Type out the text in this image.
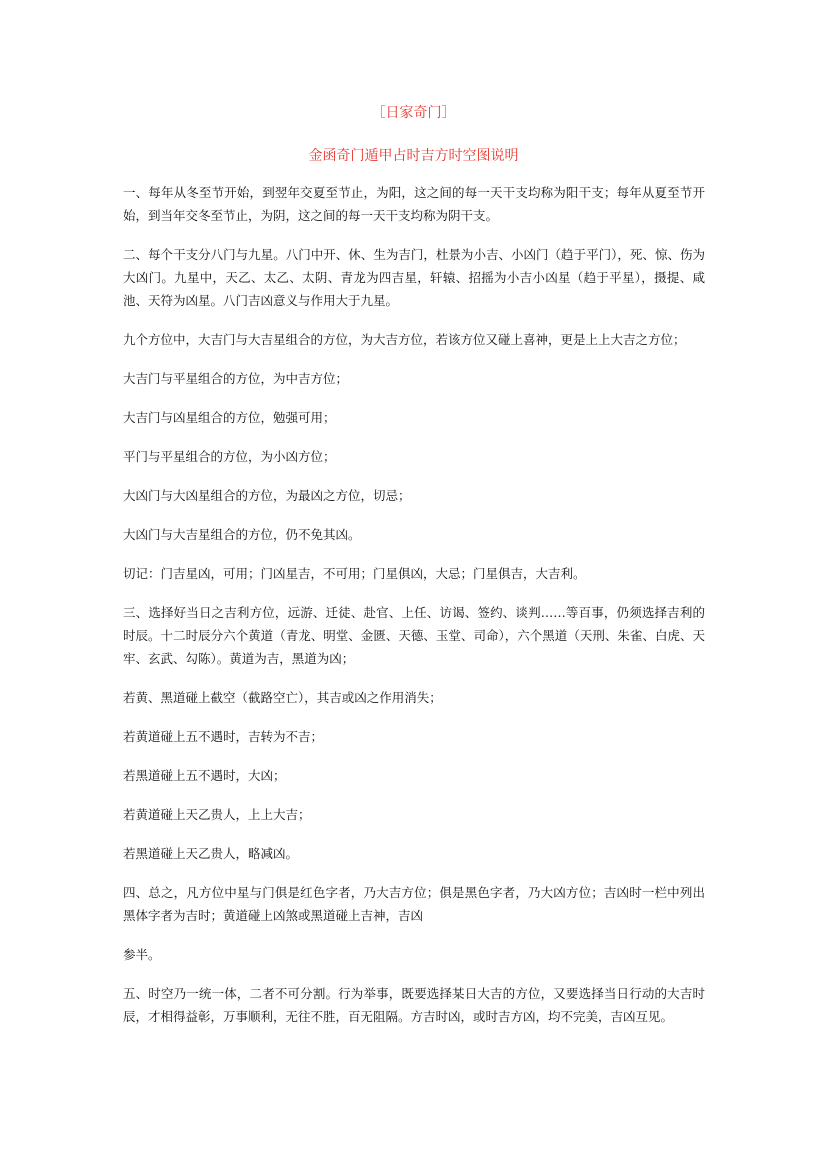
［日家奇门］
金函奇门遁甲占时吉方时空图说明

一、每年从冬至节开始，到翌年交夏至节止，为阳，这之间的每一天干支均称为阳干支；每年从夏至节开始，到当年交冬至节止，为阴，这之间的每一天干支均称为阴干支。

二、每个干支分八门与九星。八门中开、休、生为吉门，杜景为小吉、小凶门（趋于平门），死、惊、伤为大凶门。九星中，天乙、太乙、太阴、青龙为四吉星，轩辕、招摇为小吉小凶星（趋于平星），摄提、咸池、天符为凶星。八门吉凶意义与作用大于九星。

九个方位中，大吉门与大吉星组合的方位，为大吉方位，若该方位又碰上喜神，更是上上大吉之方位；

大吉门与平星组合的方位，为中吉方位；

大吉门与凶星组合的方位，勉强可用；

平门与平星组合的方位，为小凶方位；

大凶门与大凶星组合的方位，为最凶之方位，切忌；

大凶门与大吉星组合的方位，仍不免其凶。

切记：门吉星凶，可用；门凶星吉，不可用；门星俱凶，大忌；门星俱吉，大吉利。

三、选择好当日之吉利方位，远游、迁徒、赴官、上任、访谒、签约、谈判……等百事，仍须选择吉利的时辰。十二时辰分六个黄道（青龙、明堂、金匮、天德、玉堂、司命），六个黑道（天刑、朱雀、白虎、天牢、玄武、勾陈）。黄道为吉，黑道为凶；

若黄、黑道碰上截空（截路空亡），其吉或凶之作用消失；

若黄道碰上五不遇时，吉转为不吉；

若黑道碰上五不遇时，大凶；

若黄道碰上天乙贵人，上上大吉；

若黑道碰上天乙贵人，略减凶。

四、总之，凡方位中星与门俱是红色字者，乃大吉方位；俱是黑色字者，乃大凶方位；吉凶时一栏中列出黑体字者为吉时；黄道碰上凶煞或黑道碰上吉神，吉凶

参半。

五、时空乃一统一体，二者不可分割。行为举事，既要选择某日大吉的方位，又要选择当日行动的大吉时辰，才相得益彰，万事顺利，无往不胜，百无阻隔。方吉时凶，或时吉方凶，均不完美，吉凶互见。
